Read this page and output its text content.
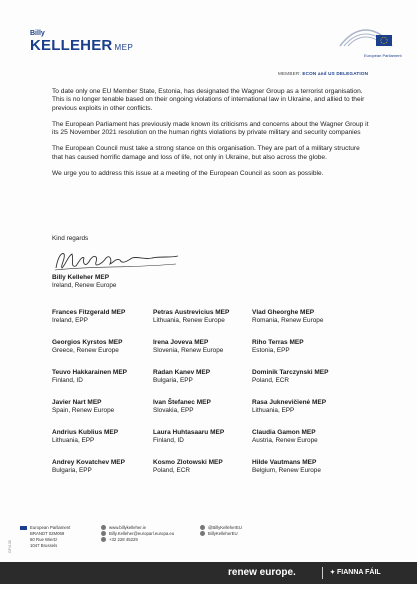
Billy
KELLEHER MEP
European Parliament
MEMBER: ECON and US DELEGATION

To date only one EU Member State, Estonia, has designated the Wagner Group as a terrorist organisation. This is no longer tenable based on their ongoing violations of international law in Ukraine, and allied to their previous exploits in other conflicts.

The European Parliament has previously made known its criticisms and concerns about the Wagner Group it its 25 November 2021 resolution on the human rights violations by private military and security companies

The European Council must take a strong stance on this organisation. They are part of a military structure that has caused horrific damage and loss of life, not only in Ukraine, but also across the globe.

We urge you to address this issue at a meeting of the European Council as soon as possible.

Kind regards
Billy Kelleher MEP
Ireland, Renew Europe
Frances Fitzgerald MEP
Ireland, EPP
Petras Austrevicius MEP
Lithuania, Renew Europe
Vlad Gheorghe MEP
Romania, Renew Europe
Georgios Kyrstos MEP
Greece, Renew Europe
Irena Joveva MEP
Slovenia, Renew Europe
Riho Terras MEP
Estonia, EPP
Teuvo Hakkarainen MEP
Finland, ID
Radan Kanev MEP
Bulgaria, EPP
Dominik Tarczynski MEP
Poland, ECR
Javier Nart MEP
Spain, Renew Europe
Ivan Štefanec MEP
Slovakia, EPP
Rasa Juknevičienė MEP
Lithuania, EPP
Andrius Kublius MEP
Lithuania, EPP
Laura Huhtasaaru MEP
Finland, ID
Claudia Gamon MEP
Austria, Renew Europe
Andrey Kovatchev MEP
Bulgaria, EPP
Kosmo Zlotowski MEP
Poland, ECR
Hilde Vautmans MEP
Belgium, Renew Europe
European Parliament
BRANDT 02M069
60 Rue Wiertz
1047 Brussels
www.billykelleher.ie
Billy.Kelleher@europarl.europa.eu
+32 228 45229
@BillyKelleherEU
BillyKelleherEU
GF4138
renew europe.	✦ FIANNA FÁIL
